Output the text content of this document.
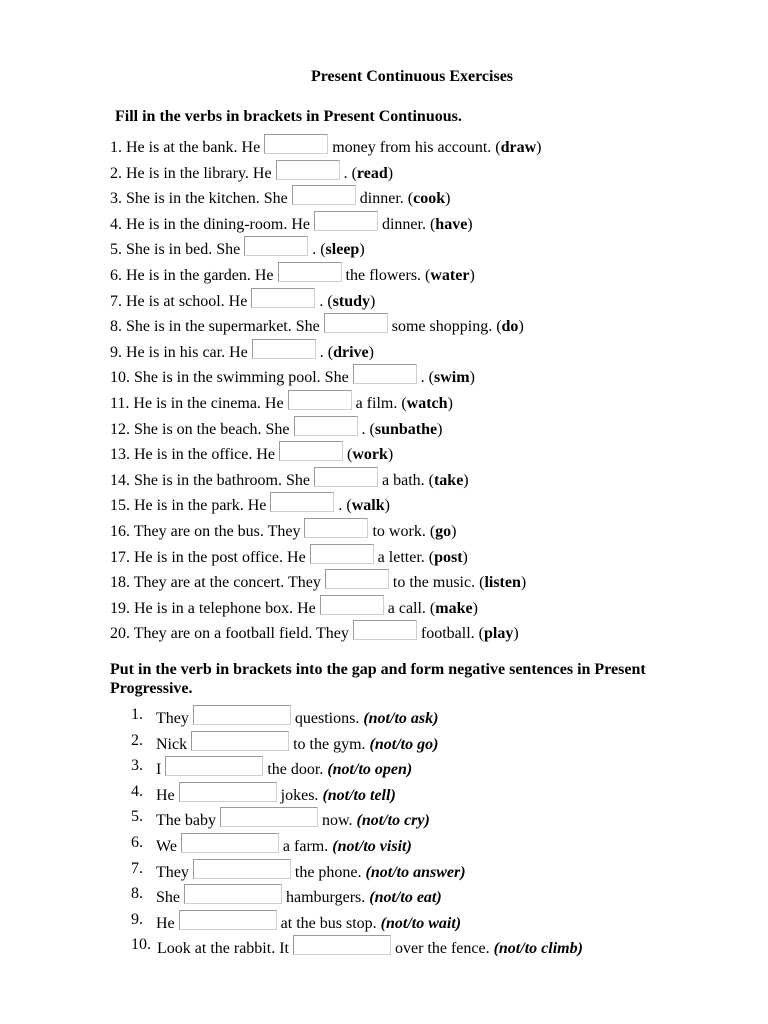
Present Continuous Exercises
Fill in the verbs in brackets in Present Continuous.
1. He is at the bank. He	money from his account. (draw)
2. He is in the library. He	. (read)
3. She is in the kitchen. She	dinner. (cook)
4. He is in the dining-room. He	dinner. (have)
5. She is in bed. She	. (sleep)
6. He is in the garden. He	the flowers. (water)
7. He is at school. He	. (study)
8. She is in the supermarket. She	some shopping. (do)
9. He is in his car. He	. (drive)
10. She is in the swimming pool. She	. (swim)
11. He is in the cinema. He	a film. (watch)
12. She is on the beach. She	. (sunbathe)
13. He is in the office. He	(work)
14. She is in the bathroom. She	a bath. (take)
15. He is in the park. He	. (walk)
16. They are on the bus. They	to work. (go)
17. He is in the post office. He	a letter. (post)
18. They are at the concert. They	to the music. (listen)
19. He is in a telephone box. He	a call. (make)
20. They are on a football field. They	football. (play)
Put in the verb in brackets into the gap and form negative sentences in Present Progressive.
1. They	questions. (not/to ask)
2. Nick	to the gym. (not/to go)
3. I	the door. (not/to open)
4. He	jokes. (not/to tell)
5. The baby	now. (not/to cry)
6. We	a farm. (not/to visit)
7. They	the phone. (not/to answer)
8. She	hamburgers. (not/to eat)
9. He	at the bus stop. (not/to wait)
10. Look at the rabbit. It	over the fence. (not/to climb)
